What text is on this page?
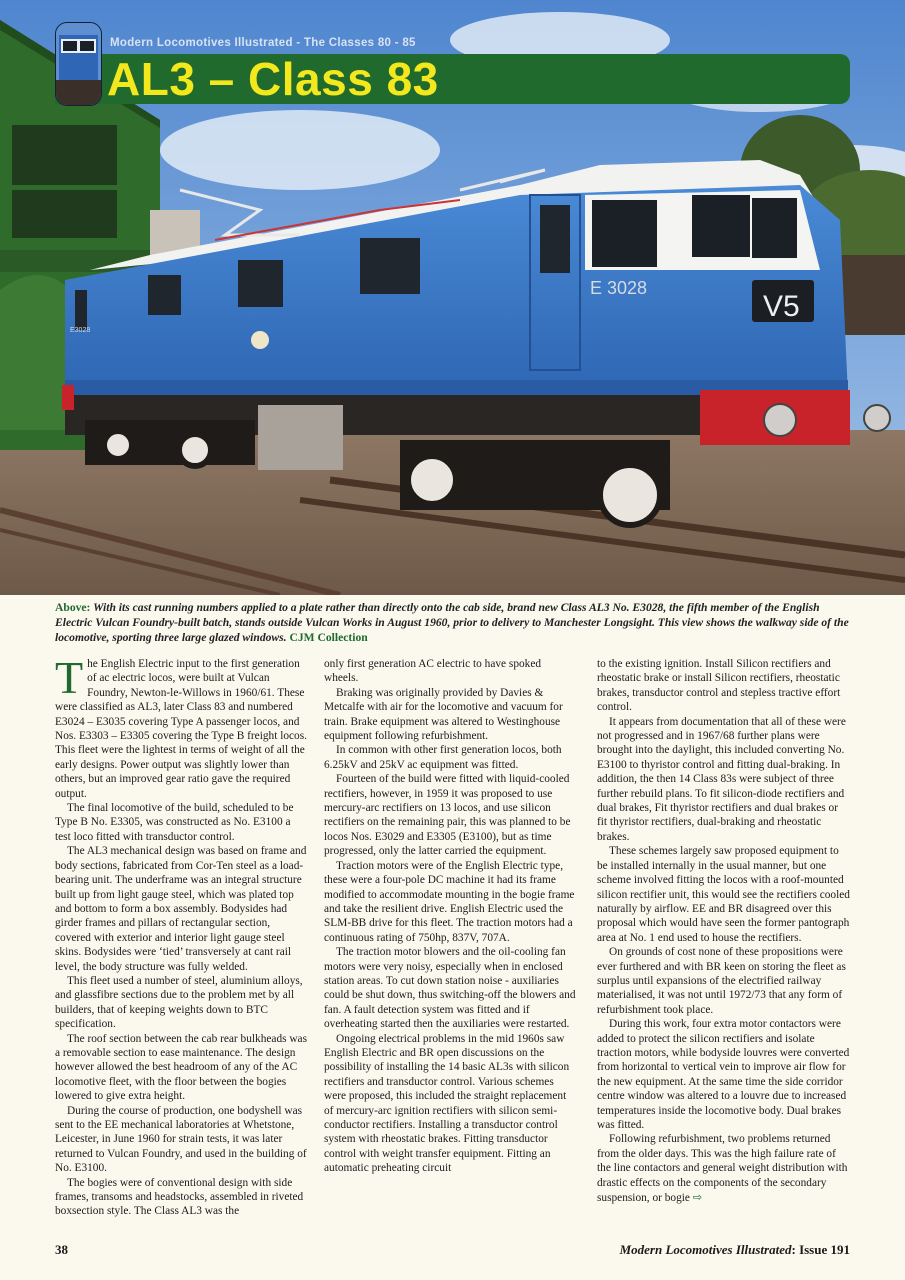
E 3028
V5
E3028
Modern Locomotives Illustrated - The Classes 80 - 85
AL3 – Class 83
Above: With its cast running numbers applied to a plate rather than directly onto the cab side, brand new Class AL3 No. E3028, the fifth member of the English Electric Vulcan Foundry-built batch, stands outside Vulcan Works in August 1960, prior to delivery to Manchester Longsight. This view shows the walkway side of the locomotive, sporting three large glazed windows. CJM Collection

The English Electric input to the first generation of ac electric locos, were built at Vulcan Foundry, Newton-le-Willows in 1960/61. These were classified as AL3, later Class 83 and numbered E3024 – E3035 covering Type A passenger locos, and Nos. E3303 – E3305 covering the Type B freight locos. This fleet were the lightest in terms of weight of all the early designs. Power output was slightly lower than others, but an improved gear ratio gave the required output.

The final locomotive of the build, scheduled to be Type B No. E3305, was constructed as No. E3100 a test loco fitted with transductor control.

The AL3 mechanical design was based on frame and body sections, fabricated from Cor-Ten steel as a load-bearing unit. The underframe was an integral structure built up from light gauge steel, which was plated top and bottom to form a box assembly. Bodysides had girder frames and pillars of rectangular section, covered with exterior and interior light gauge steel skins. Bodysides were ‘tied’ transversely at cant rail level, the body structure was fully welded.

This fleet used a number of steel, aluminium alloys, and glassfibre sections due to the problem met by all builders, that of keeping weights down to BTC specification.

The roof section between the cab rear bulkheads was a removable section to ease maintenance. The design however allowed the best headroom of any of the AC locomotive fleet, with the floor between the bogies lowered to give extra height.

During the course of production, one bodyshell was sent to the EE mechanical laboratories at Whetstone, Leicester, in June 1960 for strain tests, it was later returned to Vulcan Foundry, and used in the building of No. E3100.

The bogies were of conventional design with side frames, transoms and headstocks, assembled in riveted boxsection style. The Class AL3 was the

only first generation AC electric to have spoked wheels.

Braking was originally provided by Davies & Metcalfe with air for the locomotive and vacuum for train. Brake equipment was altered to Westinghouse equipment following refurbishment.

In common with other first generation locos, both 6.25kV and 25kV ac equipment was fitted.

Fourteen of the build were fitted with liquid-cooled rectifiers, however, in 1959 it was proposed to use mercury-arc rectifiers on 13 locos, and use silicon rectifiers on the remaining pair, this was planned to be locos Nos. E3029 and E3305 (E3100), but as time progressed, only the latter carried the equipment.

Traction motors were of the English Electric type, these were a four-pole DC machine it had its frame modified to accommodate mounting in the bogie frame and take the resilient drive. English Electric used the SLM-BB drive for this fleet. The traction motors had a continuous rating of 750hp, 837V, 707A.

The traction motor blowers and the oil-cooling fan motors were very noisy, especially when in enclosed station areas. To cut down station noise - auxiliaries could be shut down, thus switching-off the blowers and fan. A fault detection system was fitted and if overheating started then the auxiliaries were restarted.

Ongoing electrical problems in the mid 1960s saw English Electric and BR open discussions on the possibility of installing the 14 basic AL3s with silicon rectifiers and transductor control. Various schemes were proposed, this included the straight replacement of mercury-arc ignition rectifiers with silicon semi-conductor rectifiers. Installing a transductor control system with rheostatic brakes. Fitting transductor control with weight transfer equipment. Fitting an automatic preheating circuit

to the existing ignition. Install Silicon rectifiers and rheostatic brake or install Silicon rectifiers, rheostatic brakes, transductor control and stepless tractive effort control.

It appears from documentation that all of these were not progressed and in 1967/68 further plans were brought into the daylight, this included converting No. E3100 to thyristor control and fitting dual-braking. In addition, the then 14 Class 83s were subject of three further rebuild plans. To fit silicon-diode rectifiers and dual brakes, Fit thyristor rectifiers and dual brakes or fit thyristor rectifiers, dual-braking and rheostatic brakes.

These schemes largely saw proposed equipment to be installed internally in the usual manner, but one scheme involved fitting the locos with a roof-mounted silicon rectifier unit, this would see the rectifiers cooled naturally by airflow. EE and BR disagreed over this proposal which would have seen the former pantograph area at No. 1 end used to house the rectifiers.

On grounds of cost none of these propositions were ever furthered and with BR keen on storing the fleet as surplus until expansions of the electrified railway materialised, it was not until 1972/73 that any form of refurbishment took place.

During this work, four extra motor contactors were added to protect the silicon rectifiers and isolate traction motors, while bodyside louvres were converted from horizontal to vertical vein to improve air flow for the new equipment. At the same time the side corridor centre window was altered to a louvre due to increased temperatures inside the locomotive body. Dual brakes was fitted.

Following refurbishment, two problems returned from the older days. This was the high failure rate of the line contactors and general weight distribution with drastic effects on the components of the secondary suspension, or bogie ⇨

38	Modern Locomotives Illustrated: Issue 191
